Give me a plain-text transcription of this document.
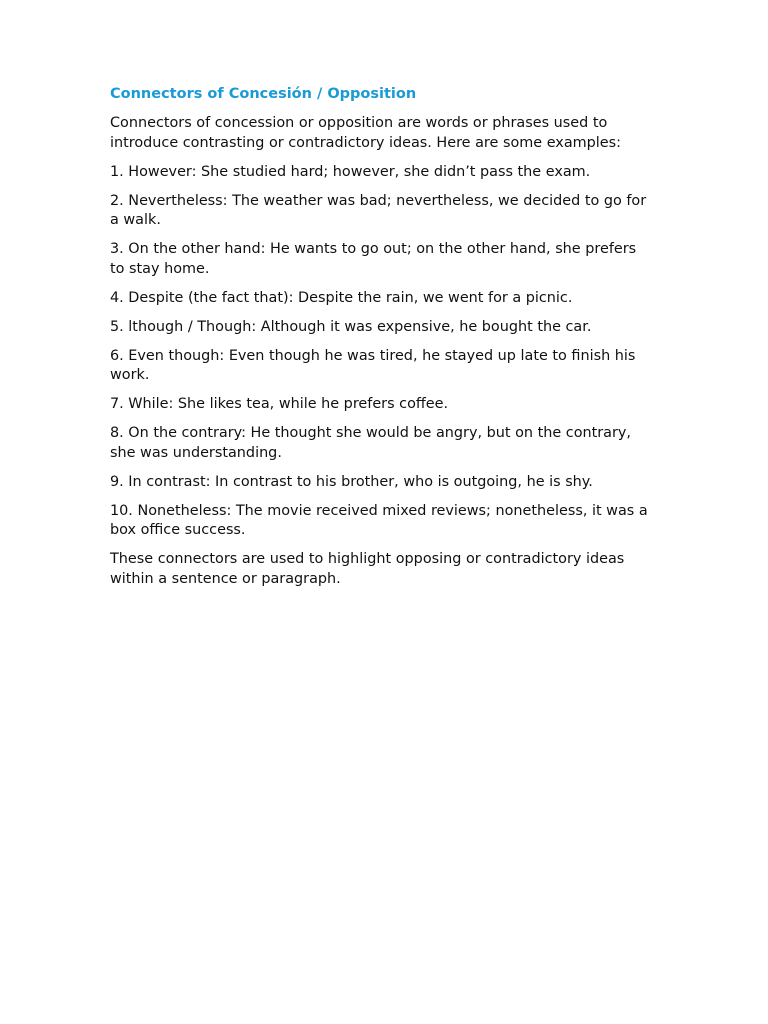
Connectors of Concesión / Opposition

Connectors of concession or opposition are words or phrases used to introduce contrasting or contradictory ideas. Here are some examples:

1. However: She studied hard; however, she didn’t pass the exam.

2. Nevertheless: The weather was bad; nevertheless, we decided to go for a walk.

3. On the other hand: He wants to go out; on the other hand, she prefers to stay home.

4. Despite (the fact that): Despite the rain, we went for a picnic.

5. lthough / Though: Although it was expensive, he bought the car.

6. Even though: Even though he was tired, he stayed up late to finish his work.

7. While: She likes tea, while he prefers coffee.

8. On the contrary: He thought she would be angry, but on the contrary, she was understanding.

9. In contrast: In contrast to his brother, who is outgoing, he is shy.

10. Nonetheless: The movie received mixed reviews; nonetheless, it was a box office success.

These connectors are used to highlight opposing or contradictory ideas within a sentence or paragraph.
